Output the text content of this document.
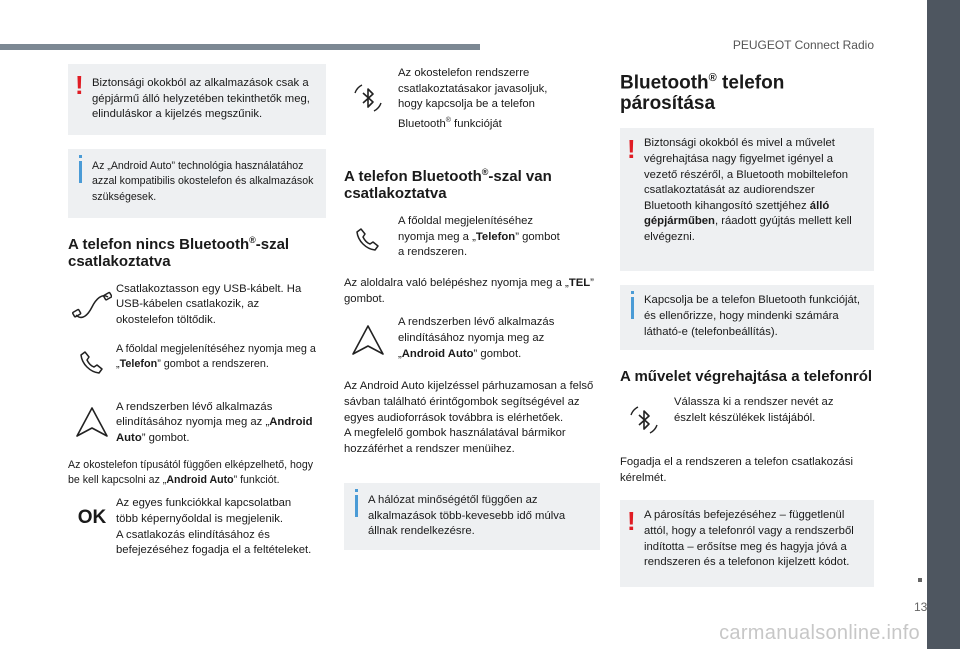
PEUGEOT Connect Radio
13
carmanualsonline.info
! Biztonsági okokból az alkalmazások csak a gépjármű álló helyzetében tekinthetők meg, elinduláskor a kijelzés megszűnik.
Az „Android Auto” technológia használatához azzal kompatibilis okostelefon és alkalmazások szükségesek.
A telefon nincs Bluetooth®-szal csatlakoztatva
Csatlakoztasson egy USB-kábelt. Ha USB-kábelen csatlakozik, az okostelefon töltődik.
A főoldal megjelenítéséhez nyomja meg a „Telefon” gombot a rendszeren.
A rendszerben lévő alkalmazás elindításához nyomja meg az „Android Auto” gombot.

Az okostelefon típusától függően elképzelhető, hogy be kell kapcsolni az „Android Auto” funkciót.

OK
Az egyes funkciókkal kapcsolatban több képernyőoldal is megjelenik.
A csatlakozás elindításához és befejezéséhez fogadja el a feltételeket.
Az okostelefon rendszerre csatlakoztatásakor javasoljuk, hogy kapcsolja be a telefon Bluetooth® funkcióját
A telefon Bluetooth®-szal van csatlakoztatva
A főoldal megjelenítéséhez nyomja meg a „Telefon” gombot a rendszeren.

Az aloldalra való belépéshez nyomja meg a „TEL” gombot.

A rendszerben lévő alkalmazás elindításához nyomja meg az „Android Auto” gombot.

Az Android Auto kijelzéssel párhuzamosan a felső sávban található érintőgombok segítségével az egyes audioforrások továbbra is elérhetőek.
A megfelelő gombok használatával bármikor hozzáférhet a rendszer menüihez.

A hálózat minőségétől függően az alkalmazások több-kevesebb idő múlva állnak rendelkezésre.
Bluetooth® telefon párosítása
! Biztonsági okokból és mivel a művelet végrehajtása nagy figyelmet igényel a vezető részéről, a Bluetooth mobiltelefon csatlakoztatását az audiorendszer Bluetooth kihangosító szettjéhez álló gépjárműben, ráadott gyújtás mellett kell elvégezni.
Kapcsolja be a telefon Bluetooth funkcióját, és ellenőrizze, hogy mindenki számára látható-e (telefonbeállítás).
A művelet végrehajtása a telefonról
Válassza ki a rendszer nevét az észlelt készülékek listájából.

Fogadja el a rendszeren a telefon csatlakozási kérelmét.

! A párosítás befejezéséhez – függetlenül attól, hogy a telefonról vagy a rendszerből indította – erősítse meg és hagyja jóvá a rendszeren és a telefonon kijelzett kódot.
